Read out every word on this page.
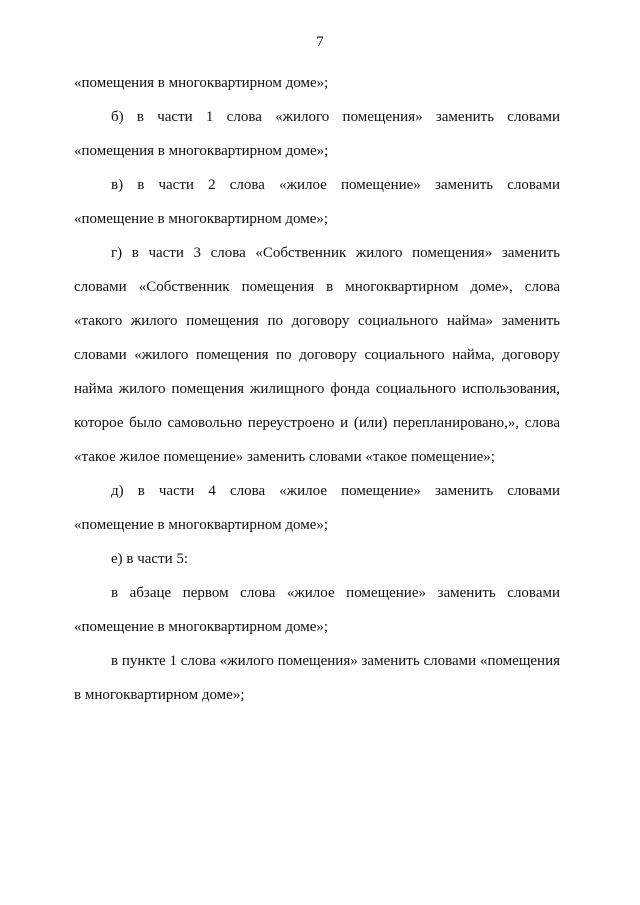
7

«помещения в многоквартирном доме»;

б) в части 1 слова «жилого помещения» заменить словами «помещения в многоквартирном доме»;

в) в части 2 слова «жилое помещение» заменить словами «помещение в многоквартирном доме»;

г) в части 3 слова «Собственник жилого помещения» заменить словами «Собственник помещения в многоквартирном доме», слова «такого жилого помещения по договору социального найма» заменить словами «жилого помещения по договору социального найма, договору найма жилого помещения жилищного фонда социального использования, которое было самовольно переустроено и (или) перепланировано,», слова «такое жилое помещение» заменить словами «такое помещение»;

д) в части 4 слова «жилое помещение» заменить словами «помещение в многоквартирном доме»;

е) в части 5:

в абзаце первом слова «жилое помещение» заменить словами «помещение в многоквартирном доме»;

в пункте 1 слова «жилого помещения» заменить словами «помещения в многоквартирном доме»;
